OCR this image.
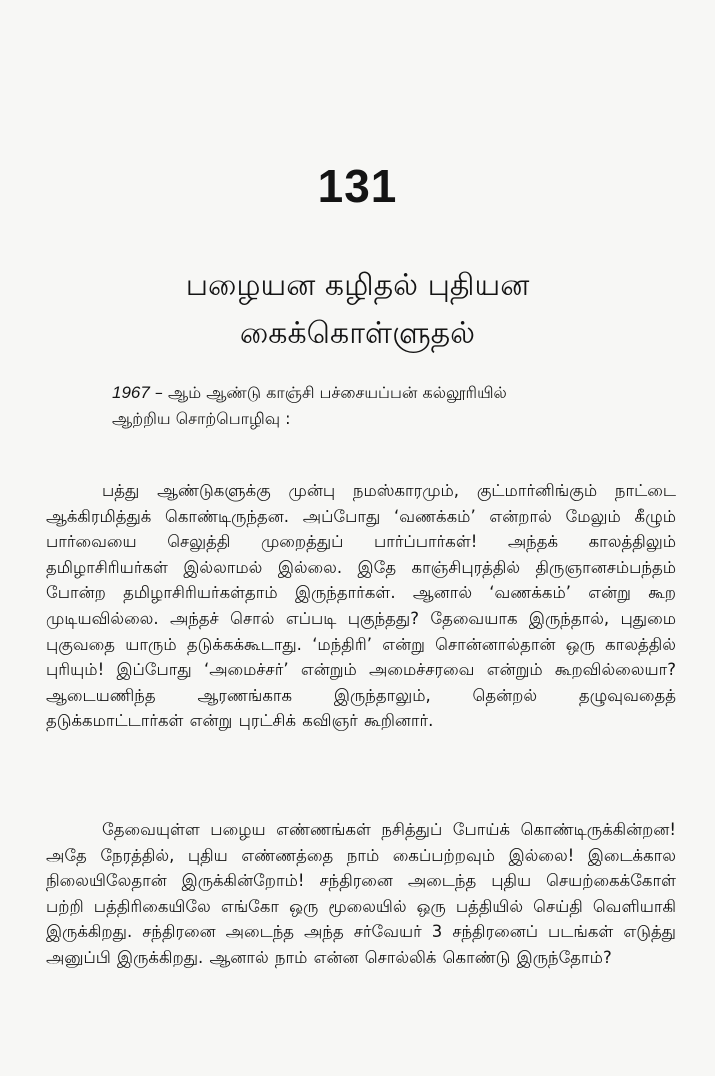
131
பழையன கழிதல் புதியன
கைக்கொள்ளுதல்
1967 – ஆம் ஆண்டு காஞ்சி பச்சையப்பன் கல்லூரியில்
ஆற்றிய சொற்பொழிவு :
பத்து ஆண்டுகளுக்கு முன்பு நமஸ்காரமும், குட்மார்னிங்கும் நாட்டை ஆக்கிரமித்துக் கொண்டிருந்தன. அப்போது ‘வணக்கம்’ என்றால் மேலும் கீழும் பார்வையை செலுத்தி முறைத்துப் பார்ப்பார்கள்! அந்தக் காலத்திலும் தமிழாசிரியர்கள் இல்லாமல் இல்லை. இதே காஞ்சிபுரத்தில் திருஞானசம்பந்தம் போன்ற தமிழாசிரியர்கள்தாம் இருந்தார்கள். ஆனால் ‘வணக்கம்’ என்று கூற முடியவில்லை. அந்தச் சொல் எப்படி புகுந்தது? தேவையாக இருந்தால், புதுமை புகுவதை யாரும் தடுக்கக்கூடாது. ‘மந்திரி’ என்று சொன்னால்தான் ஒரு காலத்தில் புரியும்! இப்போது ‘அமைச்சர்’ என்றும் அமைச்சரவை என்றும் கூறவில்லையா? ஆடையணிந்த ஆரணங்காக இருந்தாலும், தென்றல் தழுவுவதைத் தடுக்கமாட்டார்கள் என்று புரட்சிக் கவிஞர் கூறினார்.
தேவையுள்ள பழைய எண்ணங்கள் நசித்துப் போய்க் கொண்டிருக்கின்றன! அதே நேரத்தில், புதிய எண்ணத்தை நாம் கைப்பற்றவும் இல்லை! இடைக்கால நிலையிலேதான் இருக்கின்றோம்! சந்திரனை அடைந்த புதிய செயற்கைக்கோள் பற்றி பத்திரிகையிலே எங்கோ ஒரு மூலையில் ஒரு பத்தியில் செய்தி வெளியாகி இருக்கிறது. சந்திரனை அடைந்த அந்த சர்வேயர் 3 சந்திரனைப் படங்கள் எடுத்து அனுப்பி இருக்கிறது. ஆனால் நாம் என்ன சொல்லிக் கொண்டு இருந்தோம்?
